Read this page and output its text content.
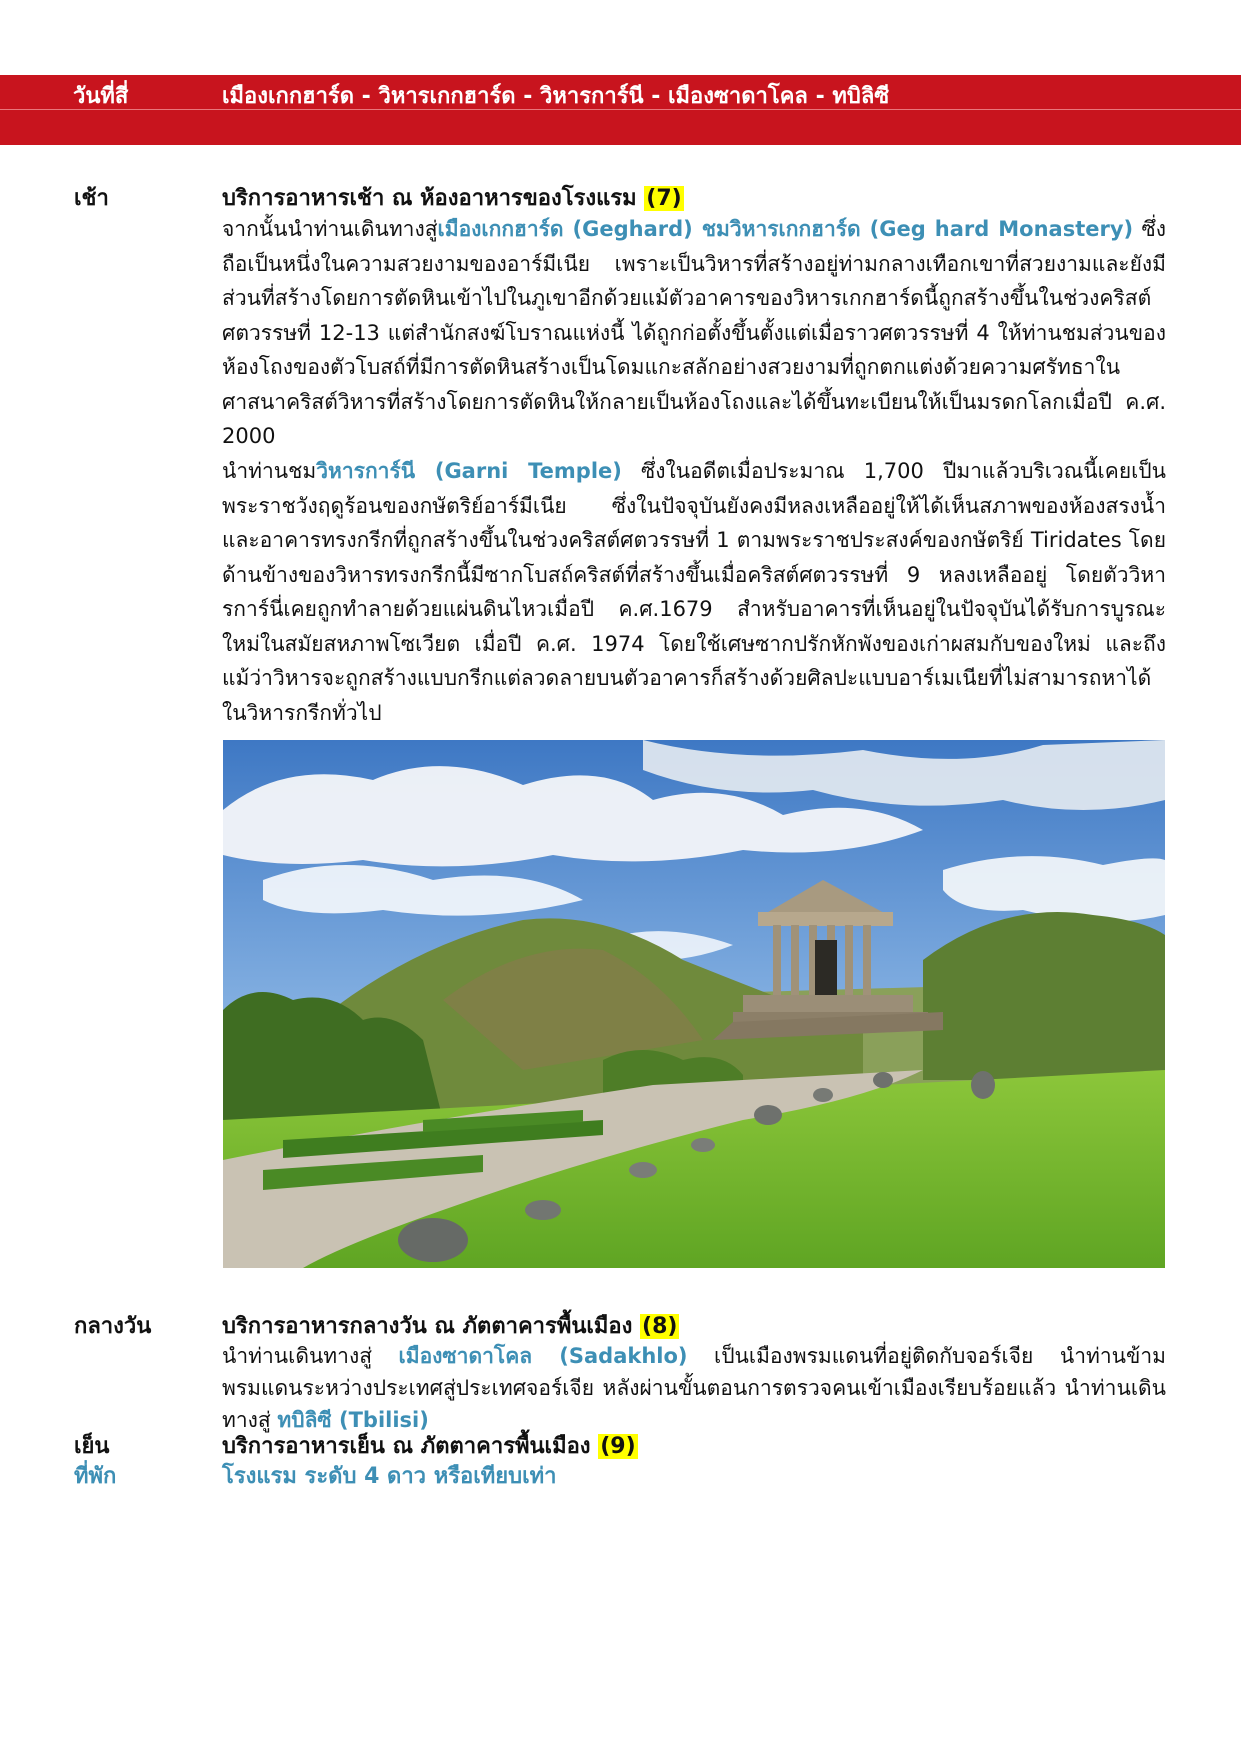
วันที่สี่	เมืองเกกฮาร์ด - วิหารเกกฮาร์ด - วิหารการ์นี - เมืองซาดาโคล - ทบิลิซี
เช้า	บริการอาหารเช้า ณ ห้องอาหารของโรงแรม (7)
จากนั้นนำท่านเดินทางสู่เมืองเกกฮาร์ด (Geghard) ชมวิหารเกกฮาร์ด (Geg hard Monastery) ซึ่งถือเป็นหนึ่งในความสวยงามของอาร์มีเนีย เพราะเป็นวิหารที่สร้างอยู่ท่ามกลางเทือกเขาที่สวยงามและยังมีส่วนที่สร้างโดยการตัดหินเข้าไปในภูเขาอีกด้วยแม้ตัวอาคารของวิหารเกกฮาร์ดนี้ถูกสร้างขึ้นในช่วงคริสต์ศตวรรษที่ 12-13 แต่สำนักสงฆ์โบราณแห่งนี้ ได้ถูกก่อตั้งขึ้นตั้งแต่เมื่อราวศตวรรษที่ 4 ให้ท่านชมส่วนของห้องโถงของตัวโบสถ์ที่มีการตัดหินสร้างเป็นโดมแกะสลักอย่างสวยงามที่ถูกตกแต่งด้วยความศรัทธาในศาสนาคริสต์วิหารที่สร้างโดยการตัดหินให้กลายเป็นห้องโถงและได้ขึ้นทะเบียนให้เป็นมรดกโลกเมื่อปี ค.ศ. 2000
นำท่านชมวิหารการ์นี (Garni Temple) ซึ่งในอดีตเมื่อประมาณ 1,700 ปีมาแล้วบริเวณนี้เคยเป็นพระราชวังฤดูร้อนของกษัตริย์อาร์มีเนีย ซึ่งในปัจจุบันยังคงมีหลงเหลืออยู่ให้ได้เห็นสภาพของห้องสรงน้ำ และอาคารทรงกรีกที่ถูกสร้างขึ้นในช่วงคริสต์ศตวรรษที่ 1 ตามพระราชประสงค์ของกษัตริย์ Tiridates โดยด้านข้างของวิหารทรงกรีกนี้มีซากโบสถ์คริสต์ที่สร้างขึ้นเมื่อคริสต์ศตวรรษที่ 9 หลงเหลืออยู่ โดยตัววิหารการ์นี่เคยถูกทำลายด้วยแผ่นดินไหวเมื่อปี ค.ศ.1679 สำหรับอาคารที่เห็นอยู่ในปัจจุบันได้รับการบูรณะใหม่ในสมัยสหภาพโซเวียต เมื่อปี ค.ศ. 1974 โดยใช้เศษซากปรักหักพังของเก่าผสมกับของใหม่ และถึงแม้ว่าวิหารจะถูกสร้างแบบกรีกแต่ลวดลายบนตัวอาคารก็สร้างด้วยศิลปะแบบอาร์เมเนียที่ไม่สามารถหาได้ในวิหารกรีกทั่วไป
กลางวัน	บริการอาหารกลางวัน ณ ภัตตาคารพื้นเมือง (8)
นำท่านเดินทางสู่ เมืองซาดาโคล (Sadakhlo) เป็นเมืองพรมแดนที่อยู่ติดกับจอร์เจีย นำท่านข้ามพรมแดนระหว่างประเทศสู่ประเทศจอร์เจีย หลังผ่านขั้นตอนการตรวจคนเข้าเมืองเรียบร้อยแล้ว นำท่านเดินทางสู่ ทบิลิซี (Tbilisi)
เย็น	บริการอาหารเย็น ณ ภัตตาคารพื้นเมือง (9)
ที่พัก	โรงแรม ระดับ 4 ดาว หรือเทียบเท่า
